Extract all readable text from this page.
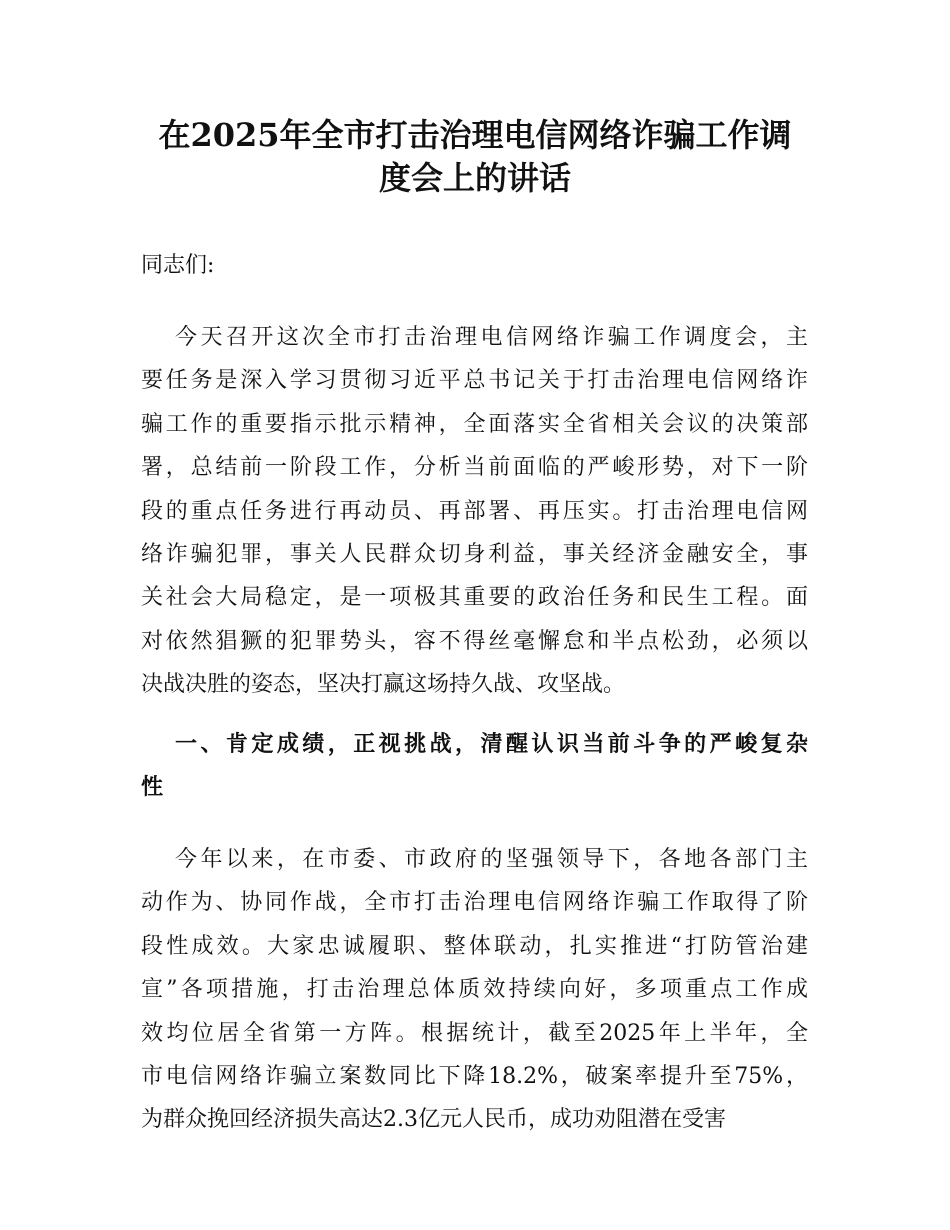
在2025年全市打击治理电信网络诈骗工作调
度会上的讲话
同志们:
今天召开这次全市打击治理电信网络诈骗工作调度会，主
要任务是深入学习贯彻习近平总书记关于打击治理电信网络诈
骗工作的重要指示批示精神，全面落实全省相关会议的决策部
署，总结前一阶段工作，分析当前面临的严峻形势，对下一阶
段的重点任务进行再动员、再部署、再压实。打击治理电信网
络诈骗犯罪，事关人民群众切身利益，事关经济金融安全，事
关社会大局稳定，是一项极其重要的政治任务和民生工程。面
对依然猖獗的犯罪势头，容不得丝毫懈怠和半点松劲，必须以
决战决胜的姿态，坚决打赢这场持久战、攻坚战。
一、肯定成绩，正视挑战，清醒认识当前斗争的严峻复杂
性
今年以来，在市委、市政府的坚强领导下，各地各部门主
动作为、协同作战，全市打击治理电信网络诈骗工作取得了阶
段性成效。大家忠诚履职、整体联动，扎实推进“打防管治建
宣”各项措施，打击治理总体质效持续向好，多项重点工作成
效均位居全省第一方阵。根据统计，截至2025年上半年，全
市电信网络诈骗立案数同比下降18.2%，破案率提升至75%，
为群众挽回经济损失高达2.3亿元人民币，成功劝阻潜在受害
